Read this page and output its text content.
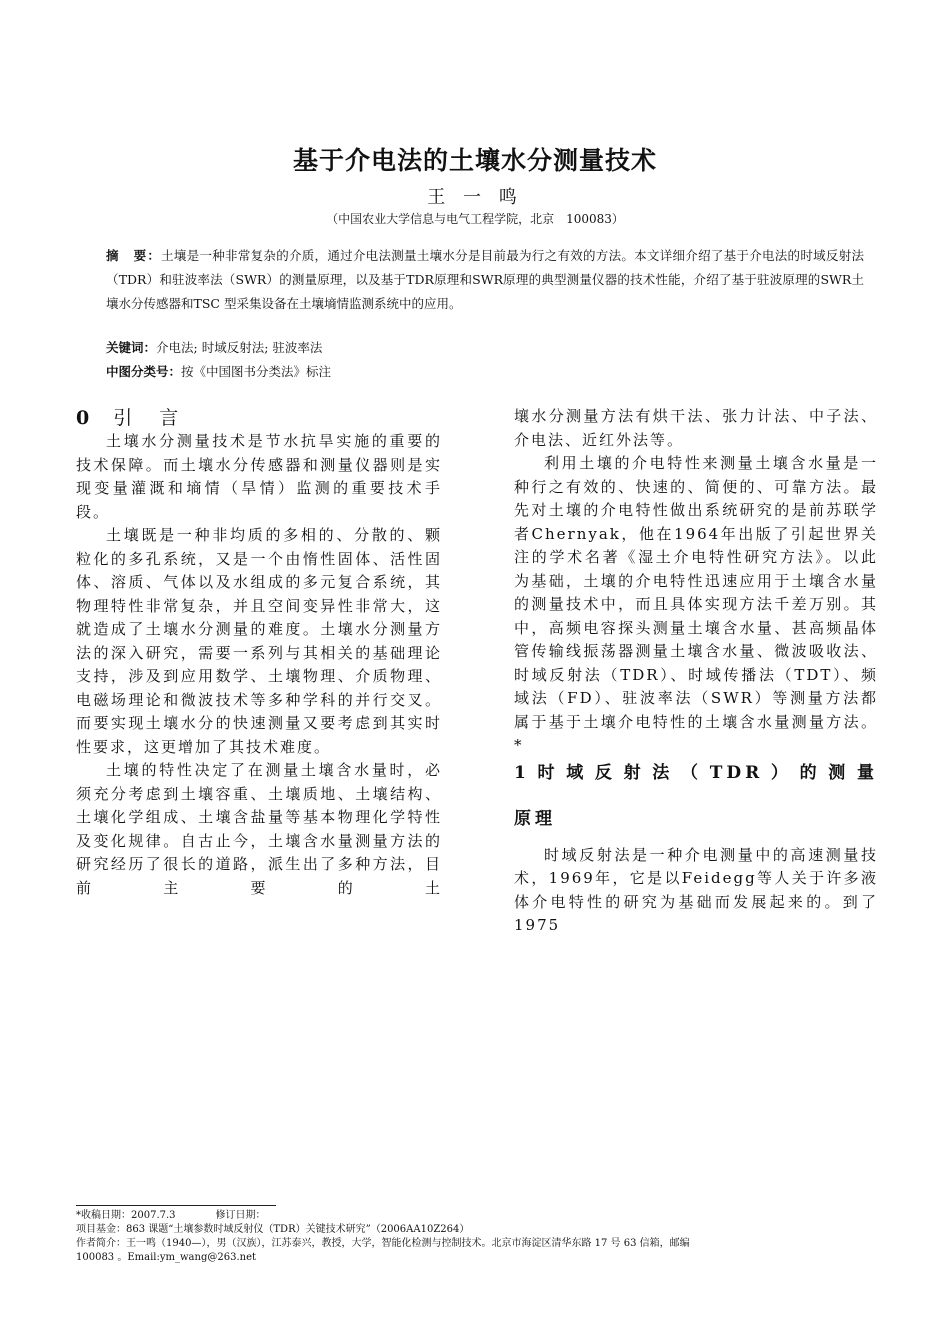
基于介电法的土壤水分测量技术
王 一 鸣
（中国农业大学信息与电气工程学院，北京　100083）
摘　要：土壤是一种非常复杂的介质，通过介电法测量土壤水分是目前最为行之有效的方法。本文详细介绍了基于介电法的时域反射法（TDR）和驻波率法（SWR）的测量原理，以及基于TDR原理和SWR原理的典型测量仪器的技术性能，介绍了基于驻波原理的SWR土壤水分传感器和TSC 型采集设备在土壤墒情监测系统中的应用。
关键词：介电法; 时域反射法; 驻波率法
中图分类号：按《中国图书分类法》标注
0 引　言

土壤水分测量技术是节水抗旱实施的重要的技术保障。而土壤水分传感器和测量仪器则是实现变量灌溉和墒情（旱情）监测的重要技术手段。

土壤既是一种非均质的多相的、分散的、颗粒化的多孔系统，又是一个由惰性固体、活性固体、溶质、气体以及水组成的多元复合系统，其物理特性非常复杂，并且空间变异性非常大，这就造成了土壤水分测量的难度。土壤水分测量方法的深入研究，需要一系列与其相关的基础理论支持，涉及到应用数学、土壤物理、介质物理、电磁场理论和微波技术等多种学科的并行交叉。而要实现土壤水分的快速测量又要考虑到其实时性要求，这更增加了其技术难度。

土壤的特性决定了在测量土壤含水量时，必须充分考虑到土壤容重、土壤质地、土壤结构、土壤化学组成、土壤含盐量等基本物理化学特性及变化规律。自古止今，土壤含水量测量方法的研究经历了很长的道路，派生出了多种方法，目前主要的土

壤水分测量方法有烘干法、张力计法、中子法、介电法、近红外法等。

利用土壤的介电特性来测量土壤含水量是一种行之有效的、快速的、简便的、可靠方法。最先对土壤的介电特性做出系统研究的是前苏联学者Chernyak，他在1964年出版了引起世界关注的学术名著《湿土介电特性研究方法》。以此为基础，土壤的介电特性迅速应用于土壤含水量的测量技术中，而且具体实现方法千差万别。其中，高频电容探头测量土壤含水量、甚高频晶体管传输线振荡器测量土壤含水量、微波吸收法、时域反射法（TDR）、时域传播法（TDT）、频域法（FD）、驻波率法（SWR）等测量方法都属于基于土壤介电特性的土壤含水量测量方法。*

1时域反射法（TDR）的测量
原理

时域反射法是一种介电测量中的高速测量技术，1969年，它是以Feidegg等人关于许多液体介电特性的研究为基础而发展起来的。到了1975

*收稿日期：2007.7.3　　　　修订日期：
项目基金：863 课题“土壤参数时域反射仪（TDR）关键技术研究”（2006AA10Z264）
作者简介：王一鸣（1940—），男（汉族），江苏泰兴，教授，大学，智能化检测与控制技术。北京市海淀区清华东路 17 号 63 信箱，邮编
100083 。Email:ym_wang@263.net
